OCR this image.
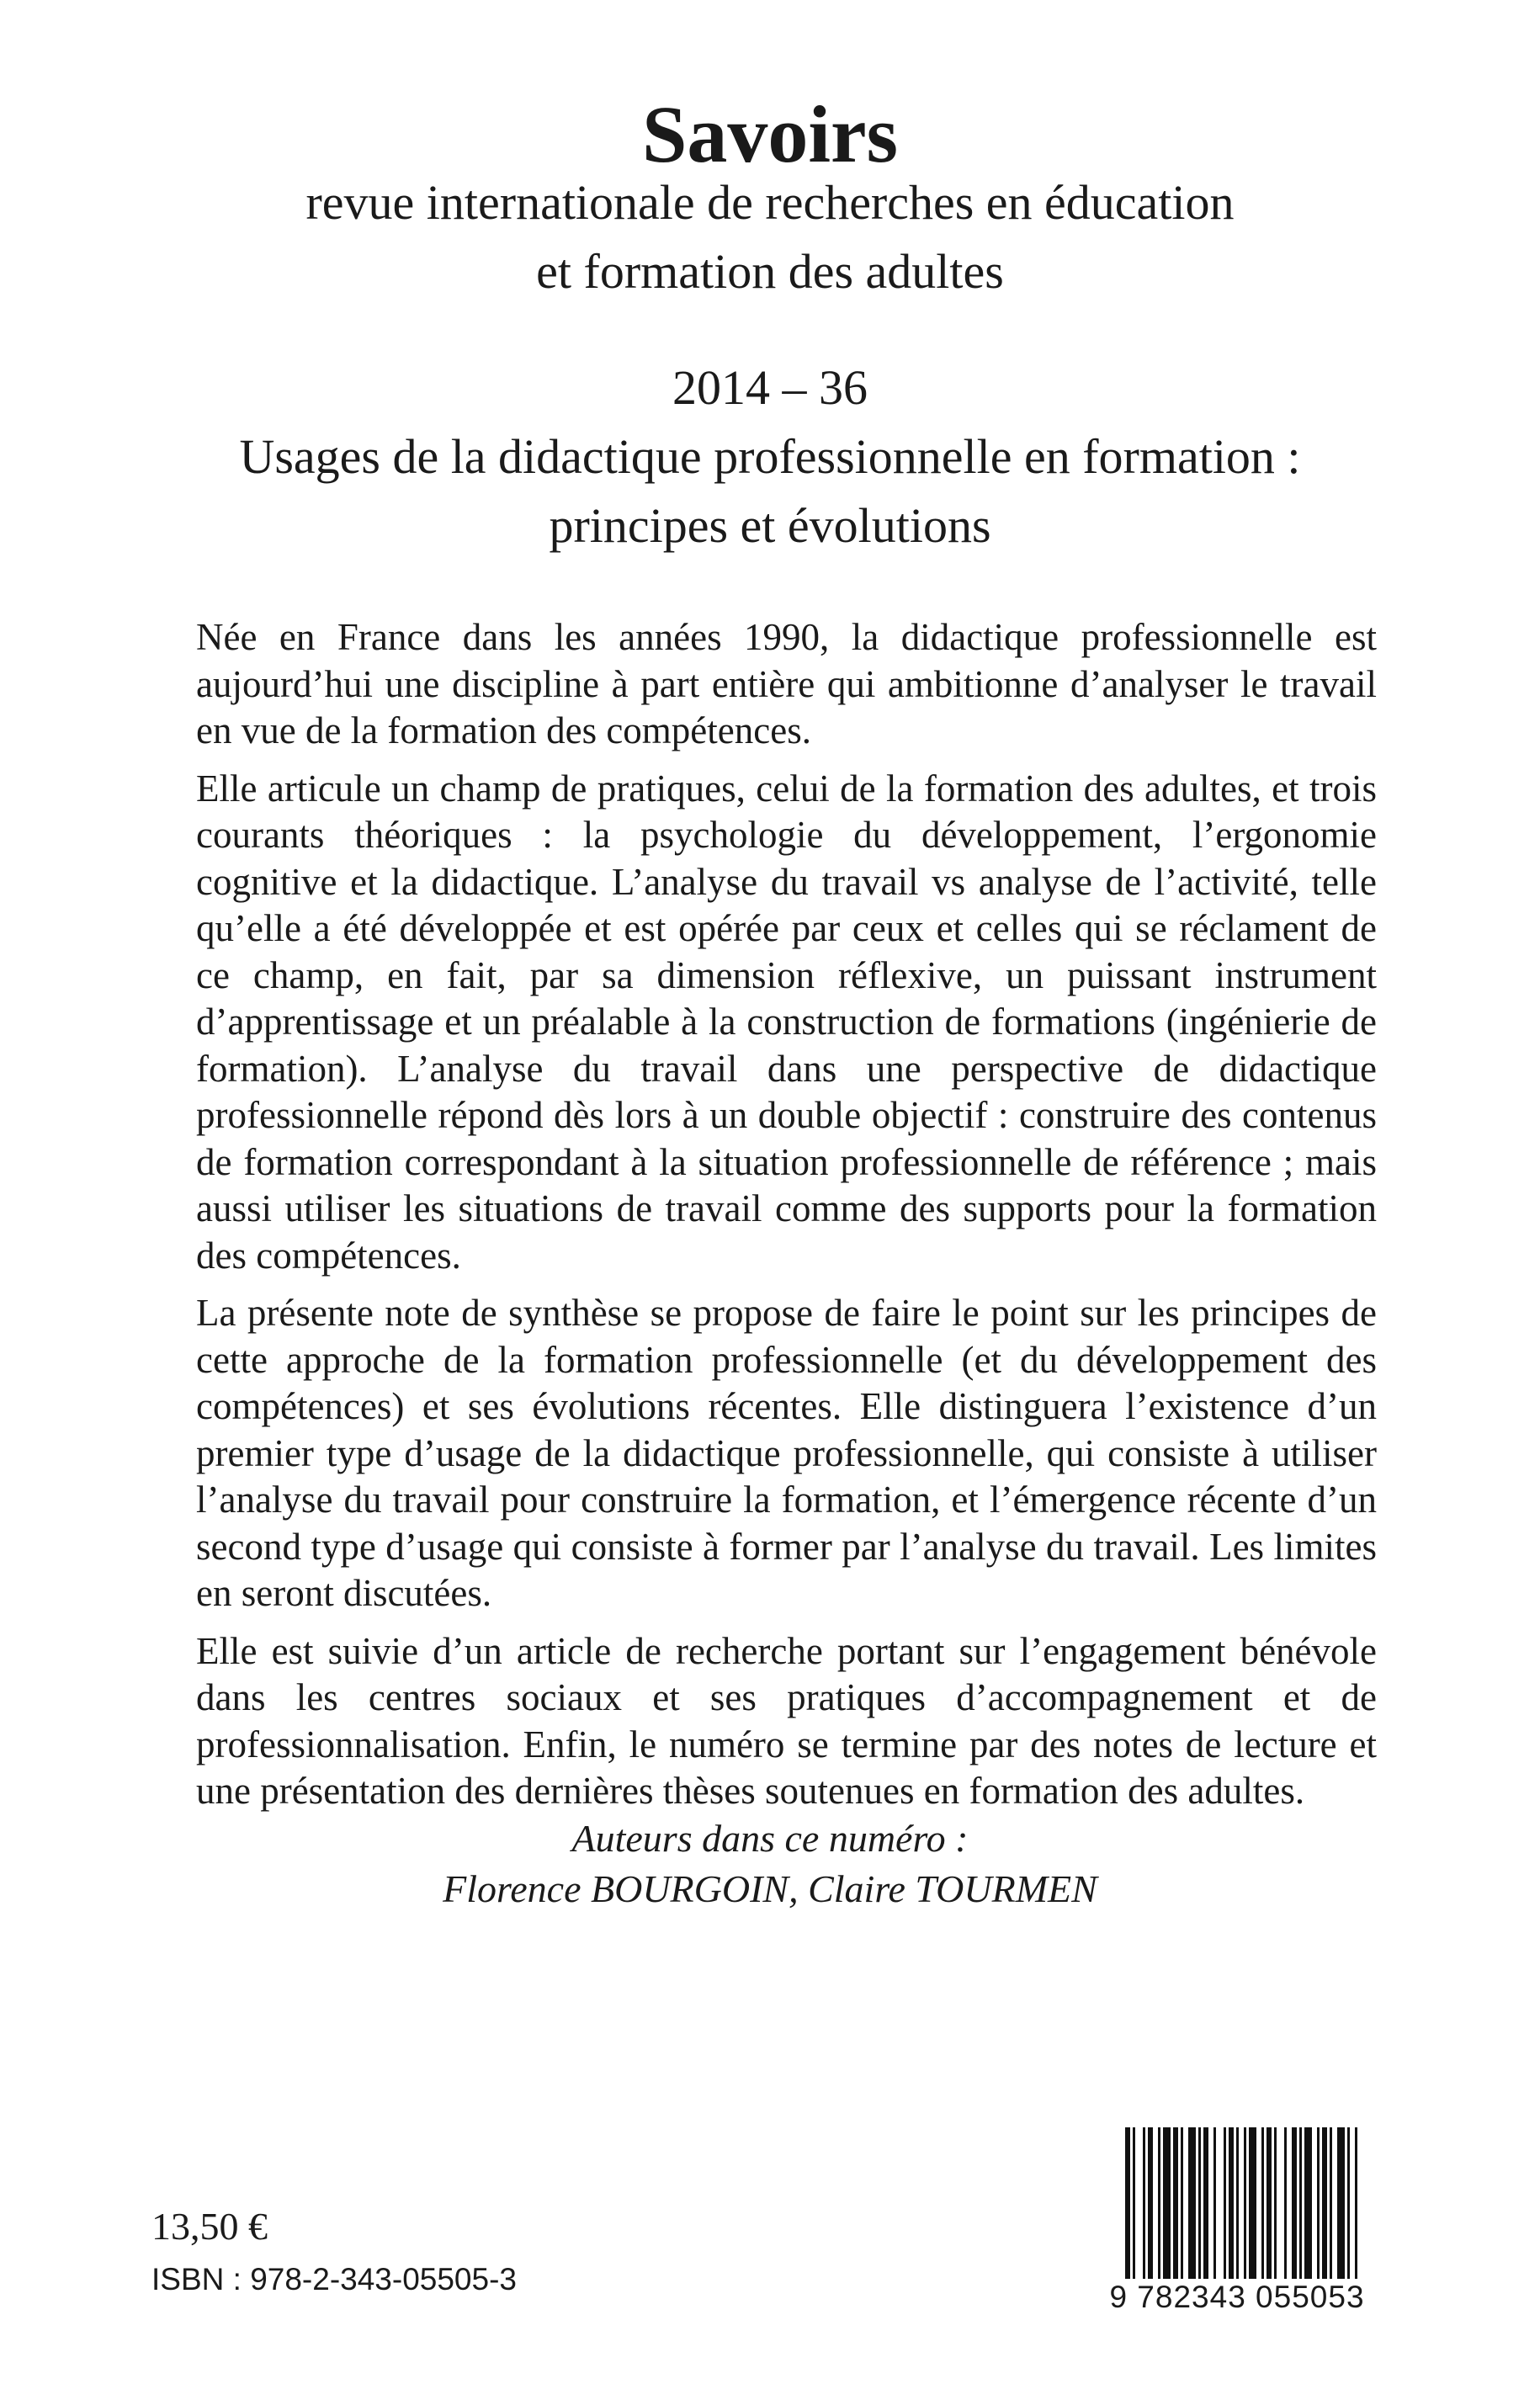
Savoirs
revue internationale de recherches en éducation
et formation des adultes
2014 – 36
Usages de la didactique professionnelle en formation :
principes et évolutions

Née en France dans les années 1990, la didactique professionnelle est aujourd’hui une discipline à part entière qui ambitionne d’analyser le travail en vue de la formation des compétences.

Elle articule un champ de pratiques, celui de la formation des adultes, et trois courants théoriques : la psychologie du développement, l’ergonomie cognitive et la didactique. L’analyse du travail vs analyse de l’activité, telle qu’elle a été développée et est opérée par ceux et celles qui se réclament de ce champ, en fait, par sa dimension réflexive, un puissant instrument d’apprentissage et un préalable à la construction de formations (ingénierie de formation). L’analyse du travail dans une perspective de didactique professionnelle répond dès lors à un double objectif : construire des contenus de formation correspondant à la situation professionnelle de référence ; mais aussi utiliser les situations de travail comme des supports pour la formation des compétences.

La présente note de synthèse se propose de faire le point sur les principes de cette approche de la formation professionnelle (et du développement des compétences) et ses évolutions récentes. Elle distinguera l’existence d’un premier type d’usage de la didactique professionnelle, qui consiste à utiliser l’analyse du travail pour construire la formation, et l’émergence récente d’un second type d’usage qui consiste à former par l’analyse du travail. Les limites en seront discutées.

Elle est suivie d’un article de recherche portant sur l’engagement bénévole dans les centres sociaux et ses pratiques d’accompagnement et de professionnalisation. Enfin, le numéro se termine par des notes de lecture et une présentation des dernières thèses soutenues en formation des adultes.

Auteurs dans ce numéro :
Florence BOURGOIN, Claire TOURMEN
13,50 €
ISBN : 978-2-343-05505-3
9 782343 055053
